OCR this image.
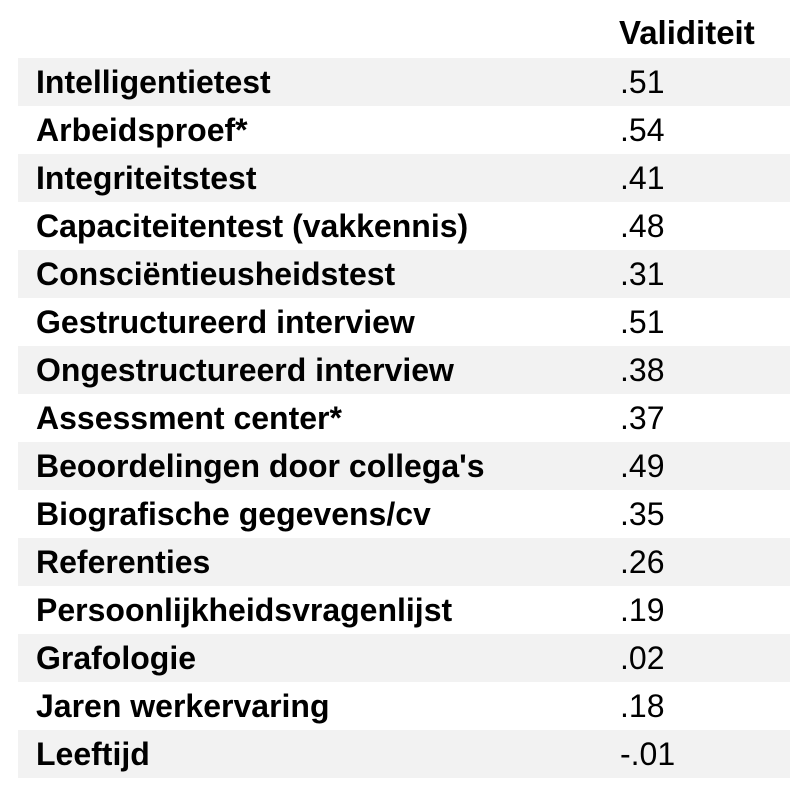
Validiteit
Intelligentietest	.51
Arbeidsproef*	.54
Integriteitstest	.41
Capaciteitentest (vakkennis)	.48
Consciëntieusheidstest	.31
Gestructureerd interview	.51
Ongestructureerd interview	.38
Assessment center*	.37
Beoordelingen door collega's	.49
Biografische gegevens/cv	.35
Referenties	.26
Persoonlijkheidsvragenlijst	.19
Grafologie	.02
Jaren werkervaring	.18
Leeftijd	-.01
